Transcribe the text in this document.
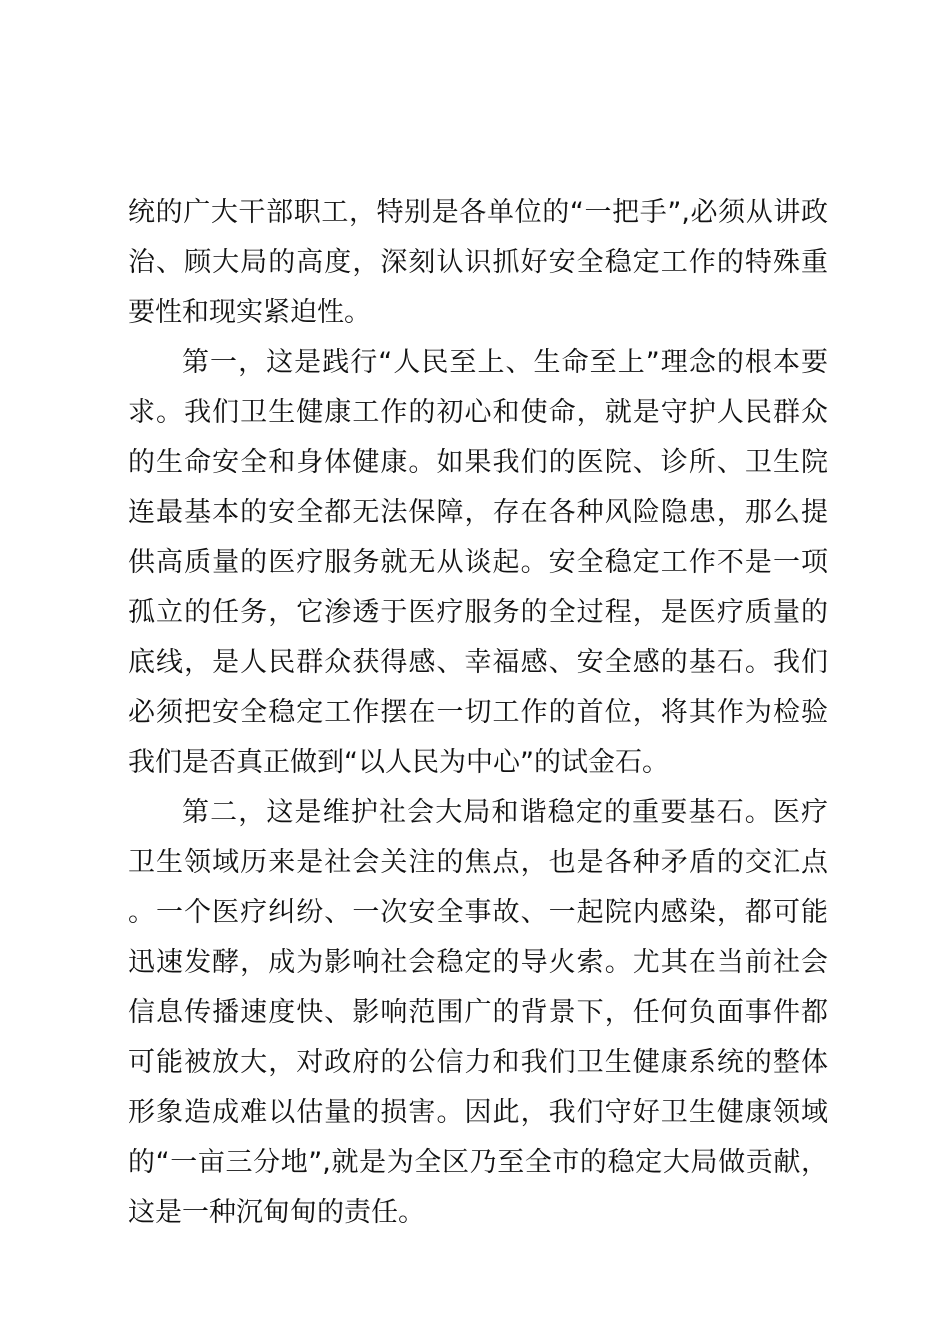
统的广大干部职工，特别是各单位的“一把手”,必须从讲政治、顾大局的高度，深刻认识抓好安全稳定工作的特殊重要性和现实紧迫性。

第一，这是践行“人民至上、生命至上”理念的根本要求。我们卫生健康工作的初心和使命，就是守护人民群众的生命安全和身体健康。如果我们的医院、诊所、卫生院连最基本的安全都无法保障，存在各种风险隐患，那么提供高质量的医疗服务就无从谈起。安全稳定工作不是一项孤立的任务，它渗透于医疗服务的全过程，是医疗质量的底线，是人民群众获得感、幸福感、安全感的基石。我们必须把安全稳定工作摆在一切工作的首位，将其作为检验我们是否真正做到“以人民为中心”的试金石。

第二，这是维护社会大局和谐稳定的重要基石。医疗卫生领域历来是社会关注的焦点，也是各种矛盾的交汇点。一个医疗纠纷、一次安全事故、一起院内感染，都可能迅速发酵，成为影响社会稳定的导火索。尤其在当前社会信息传播速度快、影响范围广的背景下，任何负面事件都可能被放大，对政府的公信力和我们卫生健康系统的整体形象造成难以估量的损害。因此，我们守好卫生健康领域的“一亩三分地”,就是为全区乃至全市的稳定大局做贡献，这是一种沉甸甸的责任。
